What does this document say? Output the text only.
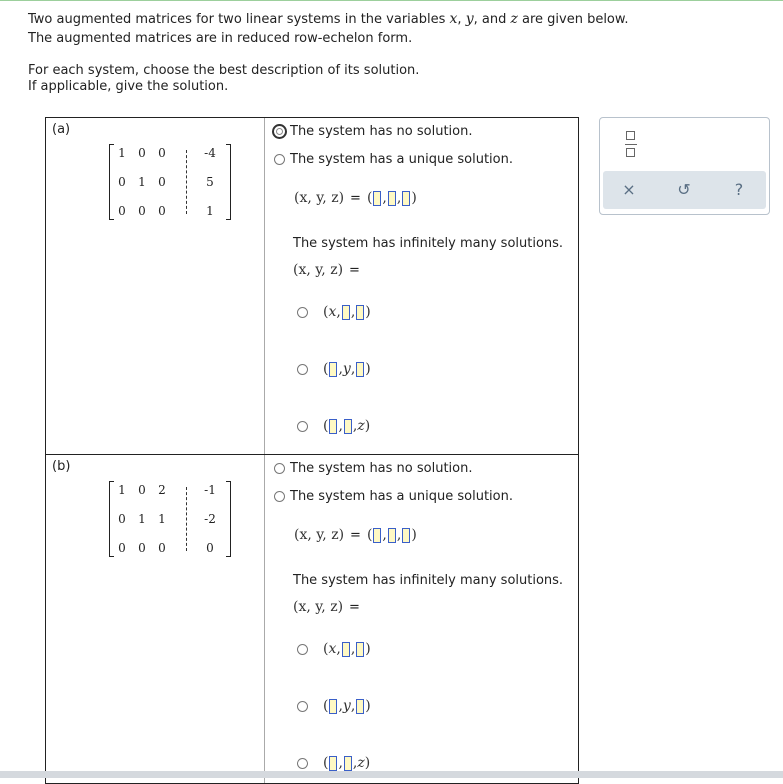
Two augmented matrices for two linear systems in the variables x, y, and z are given below.
The augmented matrices are in reduced row-echelon form.
For each system, choose the best description of its solution.
If applicable, give the solution.
(a)
1	0	0	-4
0	1	0	5
0	0	0	1
The system has no solution.
The system has a unique solution.
(x, y, z) = ( , , )
The system has infinitely many solutions.
(x, y, z) =
( x , , )
( , y , )
( , , z )
(b)
1	0	2	-1
0	1	1	-2
0	0	0	0
The system has no solution.
The system has a unique solution.
(x, y, z) = ( , , )
The system has infinitely many solutions.
(x, y, z) =
( x , , )
( , y , )
( , , z )
×	↺	?
